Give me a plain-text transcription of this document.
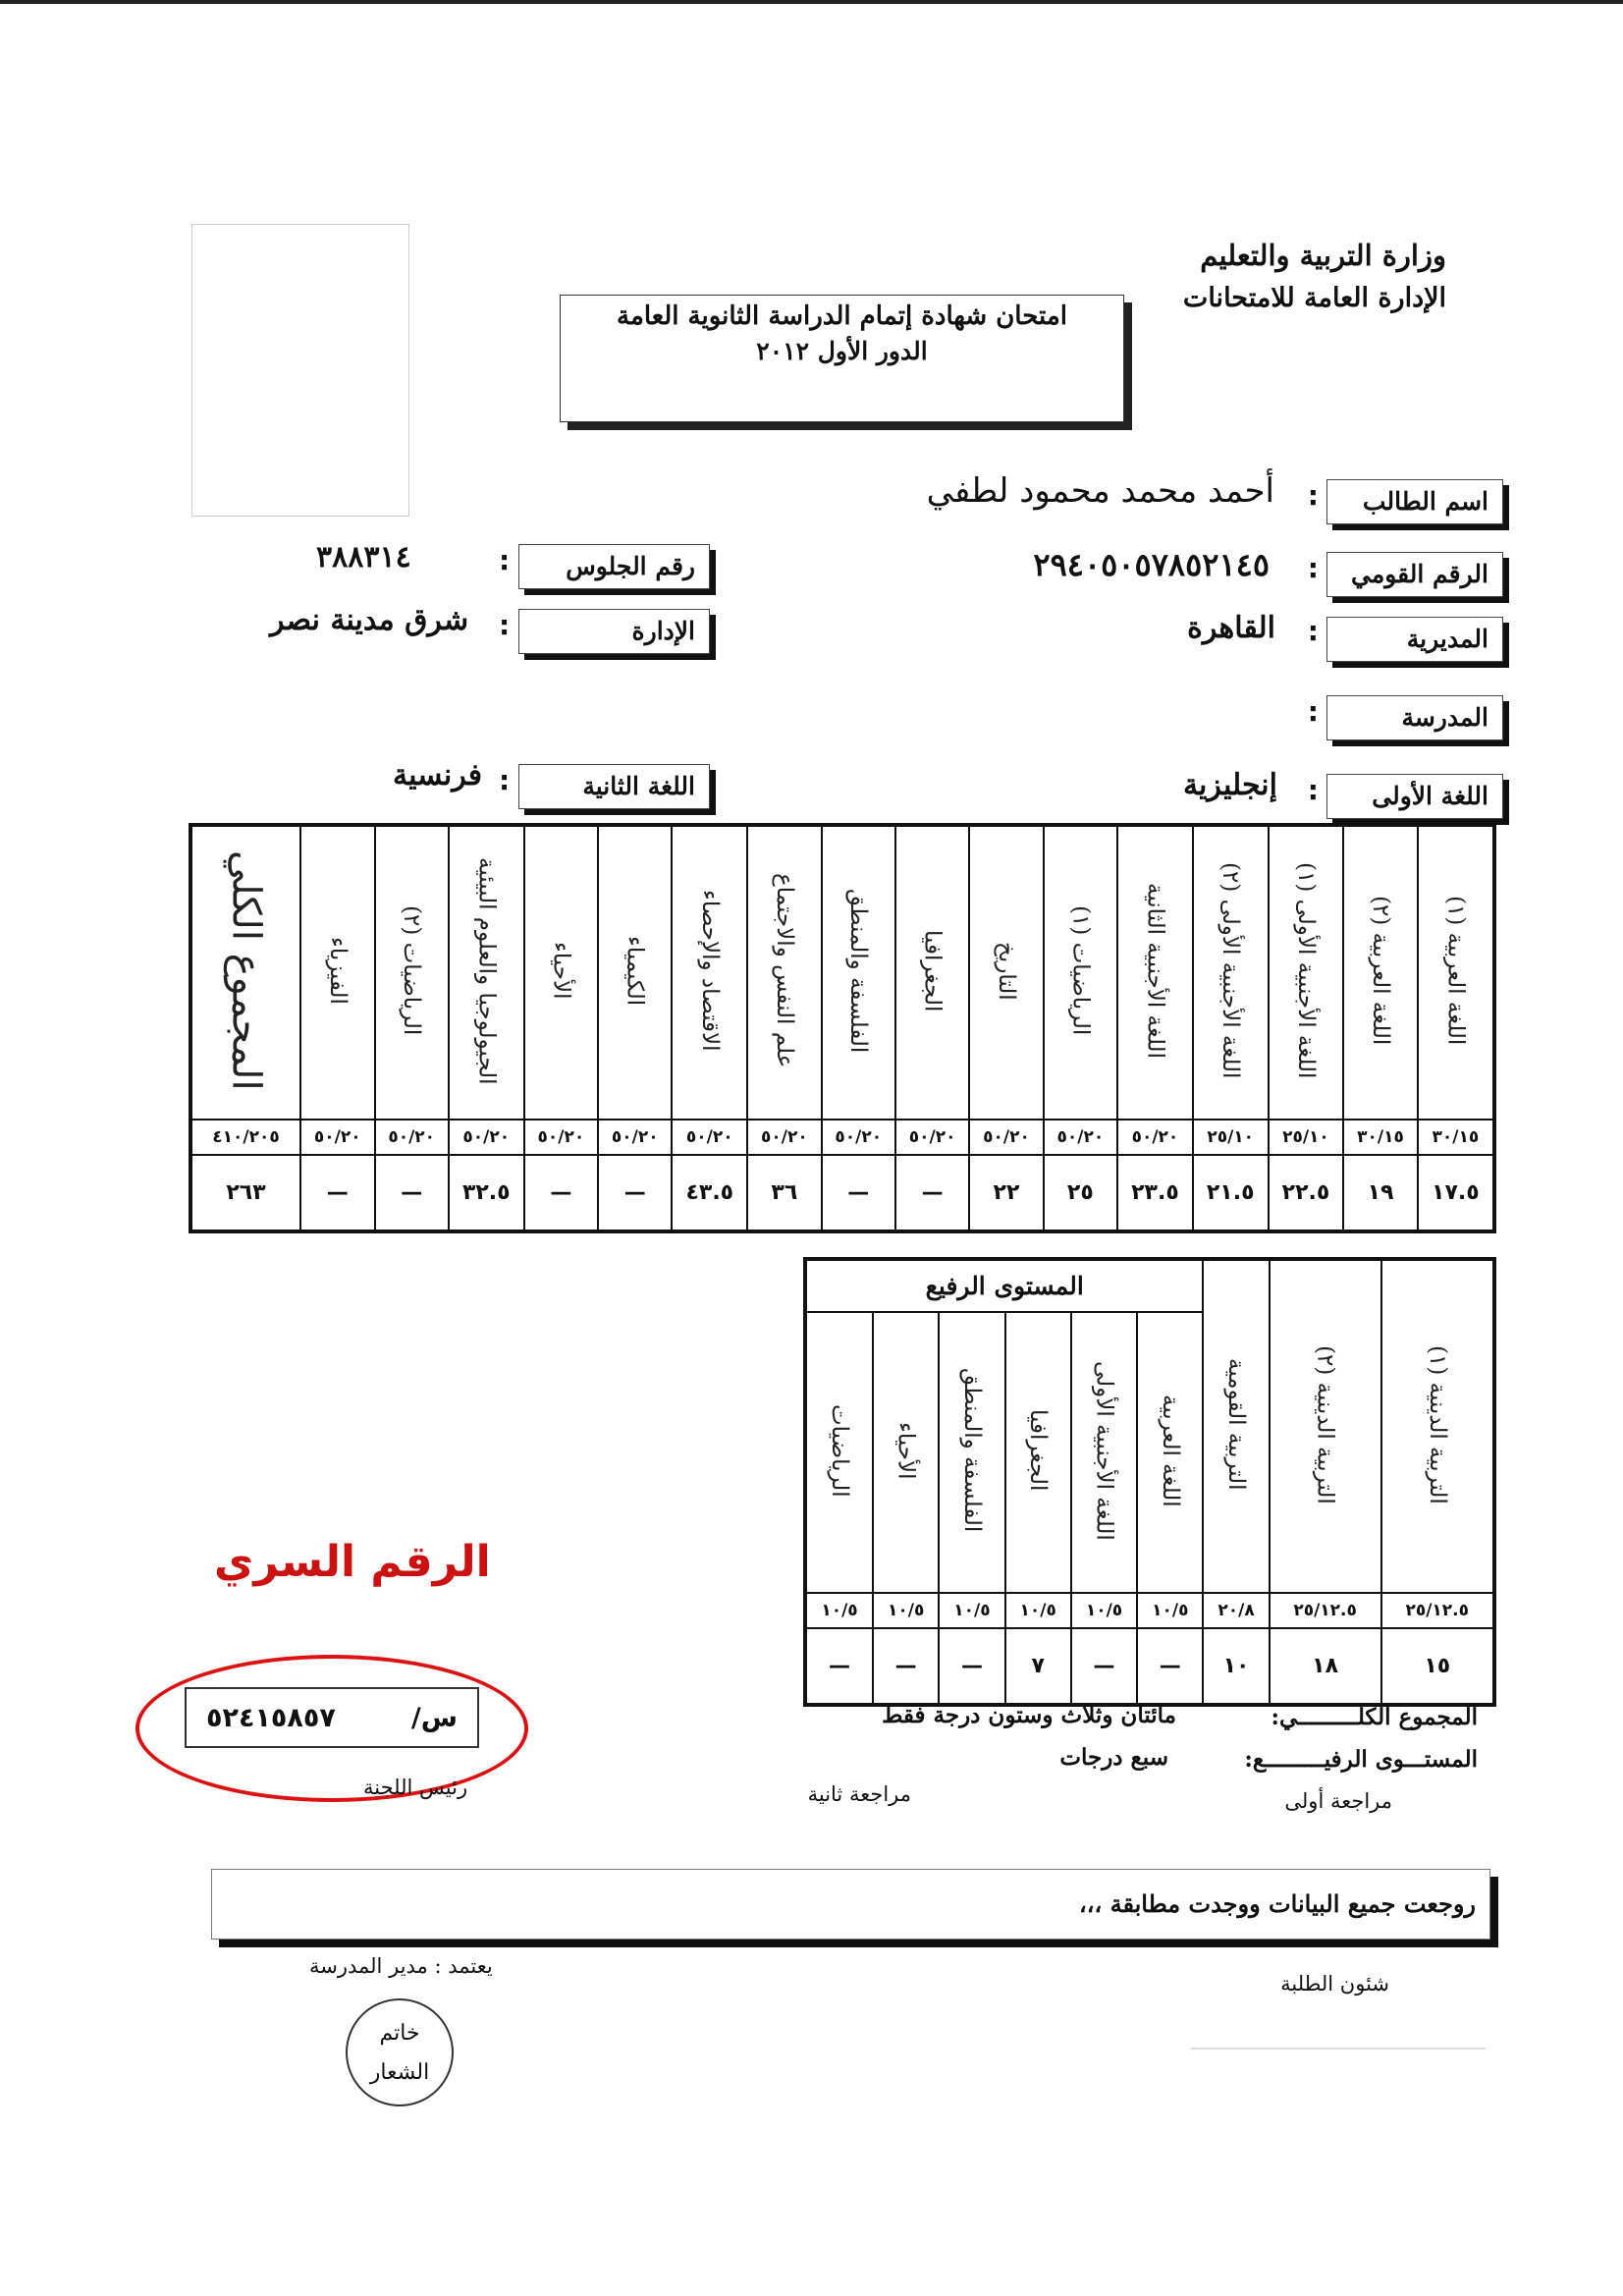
وزارة التربية والتعليم
الإدارة العامة للامتحانات
امتحان شهادة إتمام الدراسة الثانوية العامة
الدور الأول ٢٠١٢
اسم الطالب
:
أحمد محمد محمود لطفي
الرقم القومي
:
٢٩٤٠٥٠٥٧٨٥٢١٤٥
المديرية
:
القاهرة
المدرسة
:
اللغة الأولى
:
إنجليزية
رقم الجلوس
:
٣٨٨٣١٤
الإدارة
:
شرق مدينة نصر
اللغة الثانية
:
فرنسية
اللغة العربية (١)	اللغة العربية (٢)	اللغة الأجنبية الأولى (١)	اللغة الأجنبية الأولى (٢)	اللغة الأجنبية الثانية	الرياضيات (١)	التاريخ	الجغرافيا	الفلسفة والمنطق	علم النفس والاجتماع	الاقتصاد والإحصاء	الكيمياء	الأحياء	الجيولوجيا والعلوم البيئية	الرياضيات (٢)	الفيزياء	المجموع الكلي
٣٠/١٥	٣٠/١٥	٢٥/١٠	٢٥/١٠	٥٠/٢٠	٥٠/٢٠	٥٠/٢٠	٥٠/٢٠	٥٠/٢٠	٥٠/٢٠	٥٠/٢٠	٥٠/٢٠	٥٠/٢٠	٥٠/٢٠	٥٠/٢٠	٥٠/٢٠	٤١٠/٢٠٥
١٧.٥	١٩	٢٢.٥	٢١.٥	٢٣.٥	٢٥	٢٢	—	—	٣٦	٤٣.٥	—	—	٣٢.٥	—	—	٢٦٣
التربية الدينية (١)	التربية الدينية (٢)	التربية القومية	المستوى الرفيع					
			اللغة العربية	اللغة الأجنبية الأولى	الجغرافيا	الفلسفة والمنطق	الأحياء	الرياضيات
٢٥/١٢.٥	٢٥/١٢.٥	٢٠/٨	١٠/٥	١٠/٥	١٠/٥	١٠/٥	١٠/٥	١٠/٥
١٥	١٨	١٠	—	—	٧	—	—	—
الرقم السري
س/
٥٢٤١٥٨٥٧
رئيس اللجنة
المجموع الكلـــــــــي:
مائتان وثلاث وستون درجة فقط
المستـــوى الرفيـــــــــع:
سبع درجات
مراجعة أولى
مراجعة ثانية
روجعت جميع البيانات ووجدت مطابقة ،،،
شئون الطلبة
يعتمد : مدير المدرسة
خاتم
الشعار
